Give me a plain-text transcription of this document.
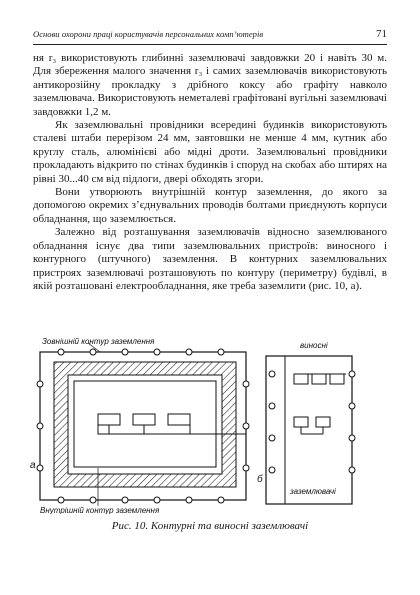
Основи охорони праці користувачів персональних комп’ютерів	71

ня r₃ використовують глибинні заземлювачі завдовжки 20 і навіть 30 м. Для збереження малого значення r₃ і самих заземлювачів використовують антикорозійну прокладку з дрібного коксу або графіту навколо заземлювача. Використовують неметалеві графітовані вугільні заземлювачі завдовжки 1,2 м.

Як заземлювальні провідники всередині будинків використовують сталеві штаби перерізом 24 мм, завтовшки не менше 4 мм, кутник або круглу сталь, алюмінієві або мідні дроти. Заземлювальні провідники прокладають відкрито по стінах будинків і споруд на скобах або штирях на рівні 30...40 см від підлоги, двері обходять згори.

Вони утворюють внутрішній контур заземлення, до якого за допомогою окремих з’єднувальних проводів болтами приєднують корпуси обладнання, що заземлюється.

Залежно від розташування заземлювачів відносно заземлюваного обладнання існує два типи заземлювальних пристроїв: виносного і контурного (штучного) заземлення. В контурних заземлювальних пристроях заземлювачі розташовують по контуру (периметру) будівлі, в якій розташовані електрообладнання, яке треба заземлити (рис. 10, а).

Зовнішній контур заземлення
Внутрішній контур заземлення
а
виносні
заземлювачі
б
Рис. 10. Контурні та виносні заземлювачі
